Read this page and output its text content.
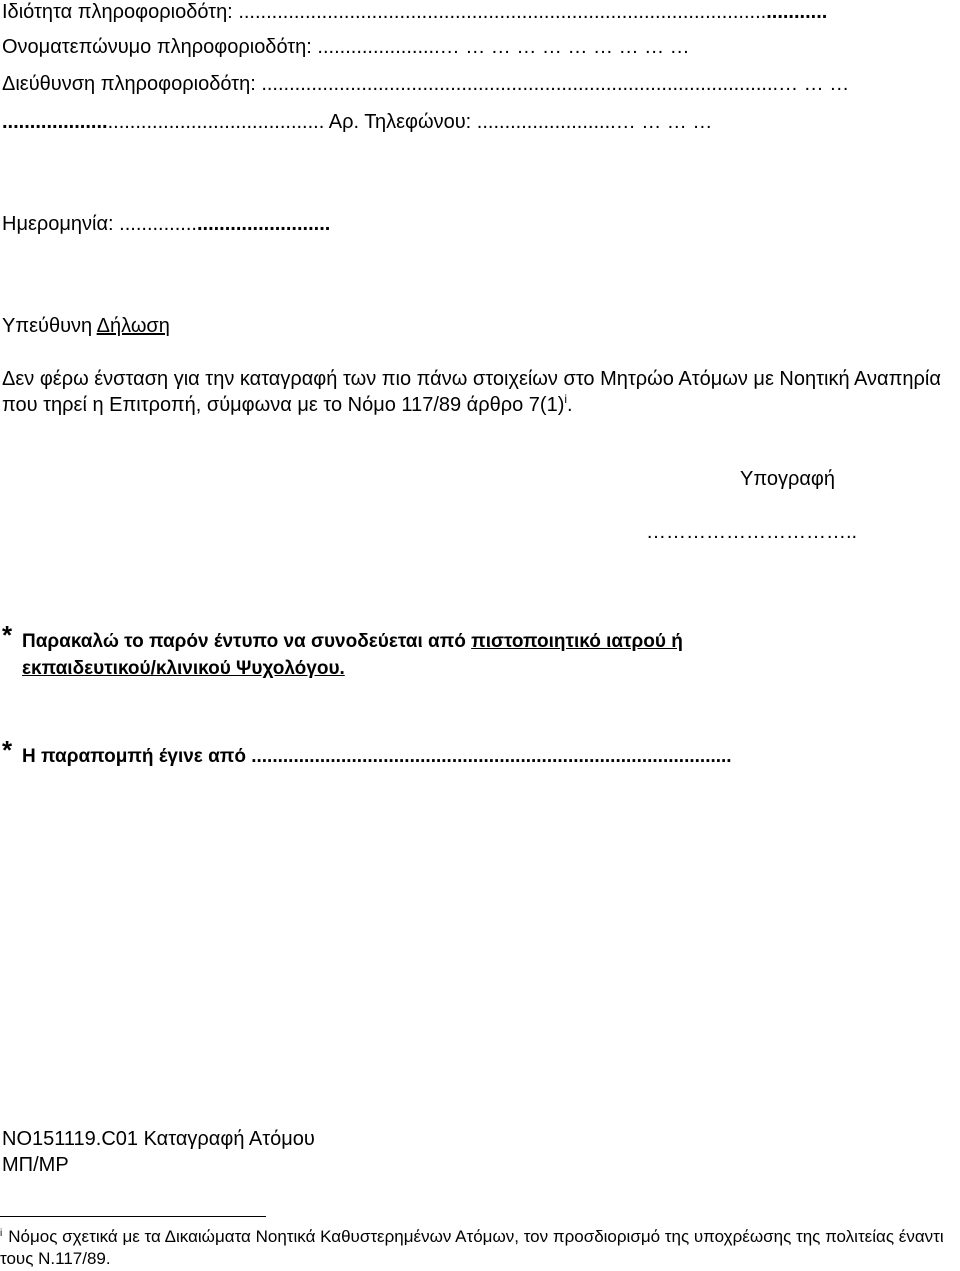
Ιδιότητα πληροφοριοδότη: ..........................................................................................................
Ονοματεπώνυμο πληροφοριοδότη: ......................… … … … … … … … … …
Διεύθυνση πληροφοριοδότη: .............................................................................................… … …
.......................................................... Αρ. Τηλεφώνου: .........................… … … …
Ημερομηνία: ......................................
Υπεύθυνη Δήλωση
Δεν φέρω ένσταση για την καταγραφή των πιο πάνω στοιχείων στο Μητρώο Ατόμων με Νοητική Αναπηρία που τηρεί η Επιτροπή, σύμφωνα με το Νόμο 117/89 άρθρο $7(1)^i$.
Υπογραφή
…………………………..
* Παρακαλώ το παρόν έντυπο να συνοδεύεται από πιστοποιητικό ιατρού ή
εκπαιδευτικού/κλινικού Ψυχολόγου.
* Η παραπομπή έγινε από ...........................................................................................
ΝΟ151119.C01 Καταγραφή Ατόμου
ΜΠ/ΜΡ
$^i$ Νόμος σχετικά με τα Δικαιώματα Νοητικά Καθυστερημένων Ατόμων, τον προσδιορισμό της υποχρέωσης της πολιτείας έναντι τους Ν.117/89.
